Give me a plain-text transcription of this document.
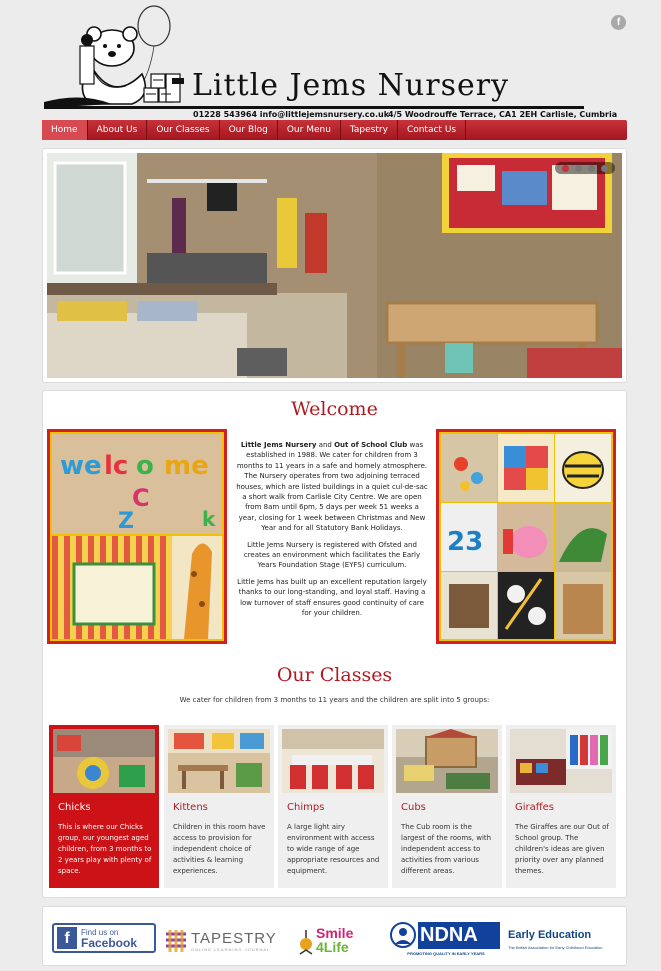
f
Little Jems Nursery
01228 543964 info@littlejemsnursery.co.uk
4/5 Woodrouffe Terrace, CA1 2EH Carlisle, Cumbria
Home	About Us	Our Classes	Our Blog	Our Menu	Tapestry	Contact Us
Welcome
we lc o me
C
Z	k

Little Jems Nursery and Out of School Club was established in 1988. We cater for children from 3 months to 11 years in a safe and homely atmosphere. The Nursery operates from two adjoining terraced houses, which are listed buildings in a quiet cul-de-sac a short walk from Carlisle City Centre. We are open from 8am until 6pm, 5 days per week 51 weeks a year, closing for 1 week between Christmas and New Year and for all Statutory Bank Holidays.

Little Jems Nursery is registered with Ofsted and creates an environment which facilitates the Early Years Foundation Stage (EYFS) curriculum.

Little Jems has built up an excellent reputation largely thanks to our long-standing, and loyal staff. Having a low turnover of staff ensures good continuity of care for your children.

23
Our Classes
We cater for children from 3 months to 11 years and the children are split into 5 groups:
Chicks
This is where our Chicks group, our youngest aged children, from 3 months to 2 years play with plenty of space.
Kittens
Children in this room have access to provision for independent choice of activities & learning experiences.
Chimps
A large light airy environment with access to wide range of age appropriate resources and equipment.
Cubs
The Cub room is the largest of the rooms, with independent access to activities from various different areas.
Giraffes
The Giraffes are our Out of School group. The children's ideas are given priority over any planned themes.
f	Find us on
Facebook	TAPESTRY
ONLINE LEARNING JOURNAL
Smile
4Life
NDNA
PROMOTING QUALITY IN EARLY YEARS
Early Education
The British Association for Early Childhood Education
